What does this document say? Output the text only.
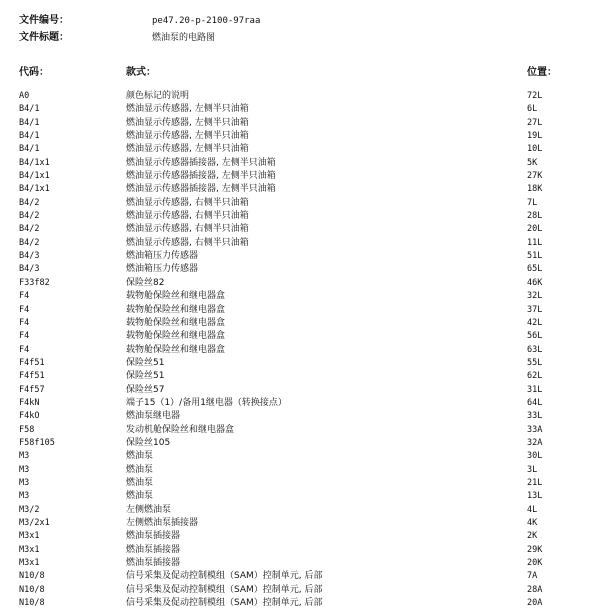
文件编号：	pe47.20-p-2100-97raa
文件标题：	燃油泵的电路图
代码：	款式：	位置：
A0	颜色标记的说明	72L
B4/1	燃油显示传感器, 左侧半只油箱	6L
B4/1	燃油显示传感器, 左侧半只油箱	27L
B4/1	燃油显示传感器, 左侧半只油箱	19L
B4/1	燃油显示传感器, 左侧半只油箱	10L
B4/1x1	燃油显示传感器插接器, 左侧半只油箱	5K
B4/1x1	燃油显示传感器插接器, 左侧半只油箱	27K
B4/1x1	燃油显示传感器插接器, 左侧半只油箱	18K
B4/2	燃油显示传感器, 右侧半只油箱	7L
B4/2	燃油显示传感器, 右侧半只油箱	28L
B4/2	燃油显示传感器, 右侧半只油箱	20L
B4/2	燃油显示传感器, 右侧半只油箱	11L
B4/3	燃油箱压力传感器	51L
B4/3	燃油箱压力传感器	65L
F33f82	保险丝82	46K
F4	载物舱保险丝和继电器盒	32L
F4	载物舱保险丝和继电器盒	37L
F4	载物舱保险丝和继电器盒	42L
F4	载物舱保险丝和继电器盒	56L
F4	载物舱保险丝和继电器盒	63L
F4f51	保险丝51	55L
F4f51	保险丝51	62L
F4f57	保险丝57	31L
F4kN	端子15（1）/备用1继电器（转换接点）	64L
F4kO	燃油泵继电器	33L
F58	发动机舱保险丝和继电器盒	33A
F58f105	保险丝105	32A
M3	燃油泵	30L
M3	燃油泵	3L
M3	燃油泵	21L
M3	燃油泵	13L
M3/2	左侧燃油泵	4L
M3/2x1	左侧燃油泵插接器	4K
M3x1	燃油泵插接器	2K
M3x1	燃油泵插接器	29K
M3x1	燃油泵插接器	20K
N10/8	信号采集及促动控制模组（SAM）控制单元, 后部	7A
N10/8	信号采集及促动控制模组（SAM）控制单元, 后部	28A
N10/8	信号采集及促动控制模组（SAM）控制单元, 后部	20A
